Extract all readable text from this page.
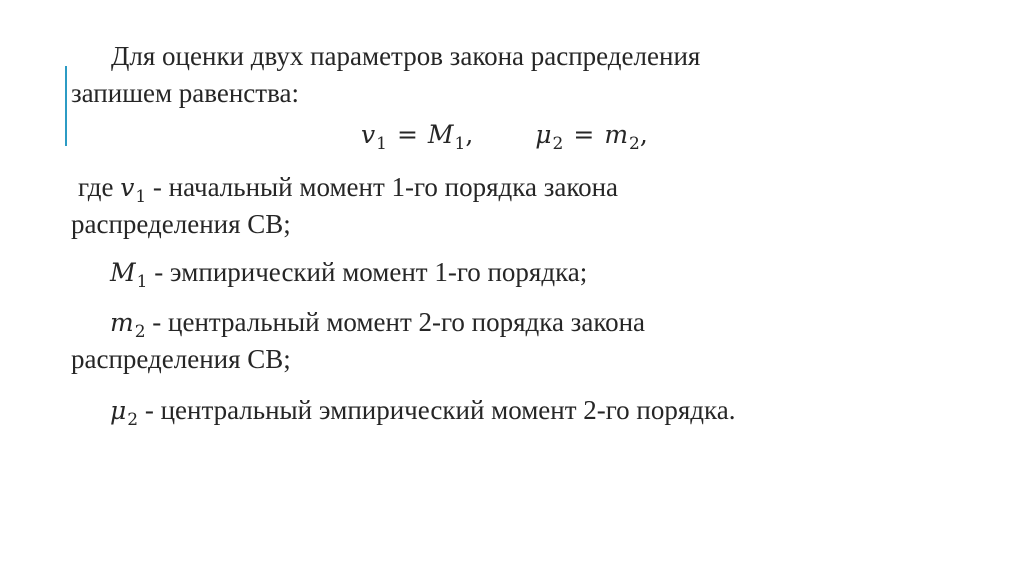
Для оценки двух параметров закона распределения
запишем равенства:
$v_1 = M_1$, $\mu_2 = m_2$,
где $v_1$ - начальный момент 1-го порядка закона
распределения СВ;
$M_1$ - эмпирический момент 1-го порядка;
$m_2$ - центральный момент 2-го порядка закона
распределения СВ;
$\mu_2$ - центральный эмпирический момент 2-го порядка.
